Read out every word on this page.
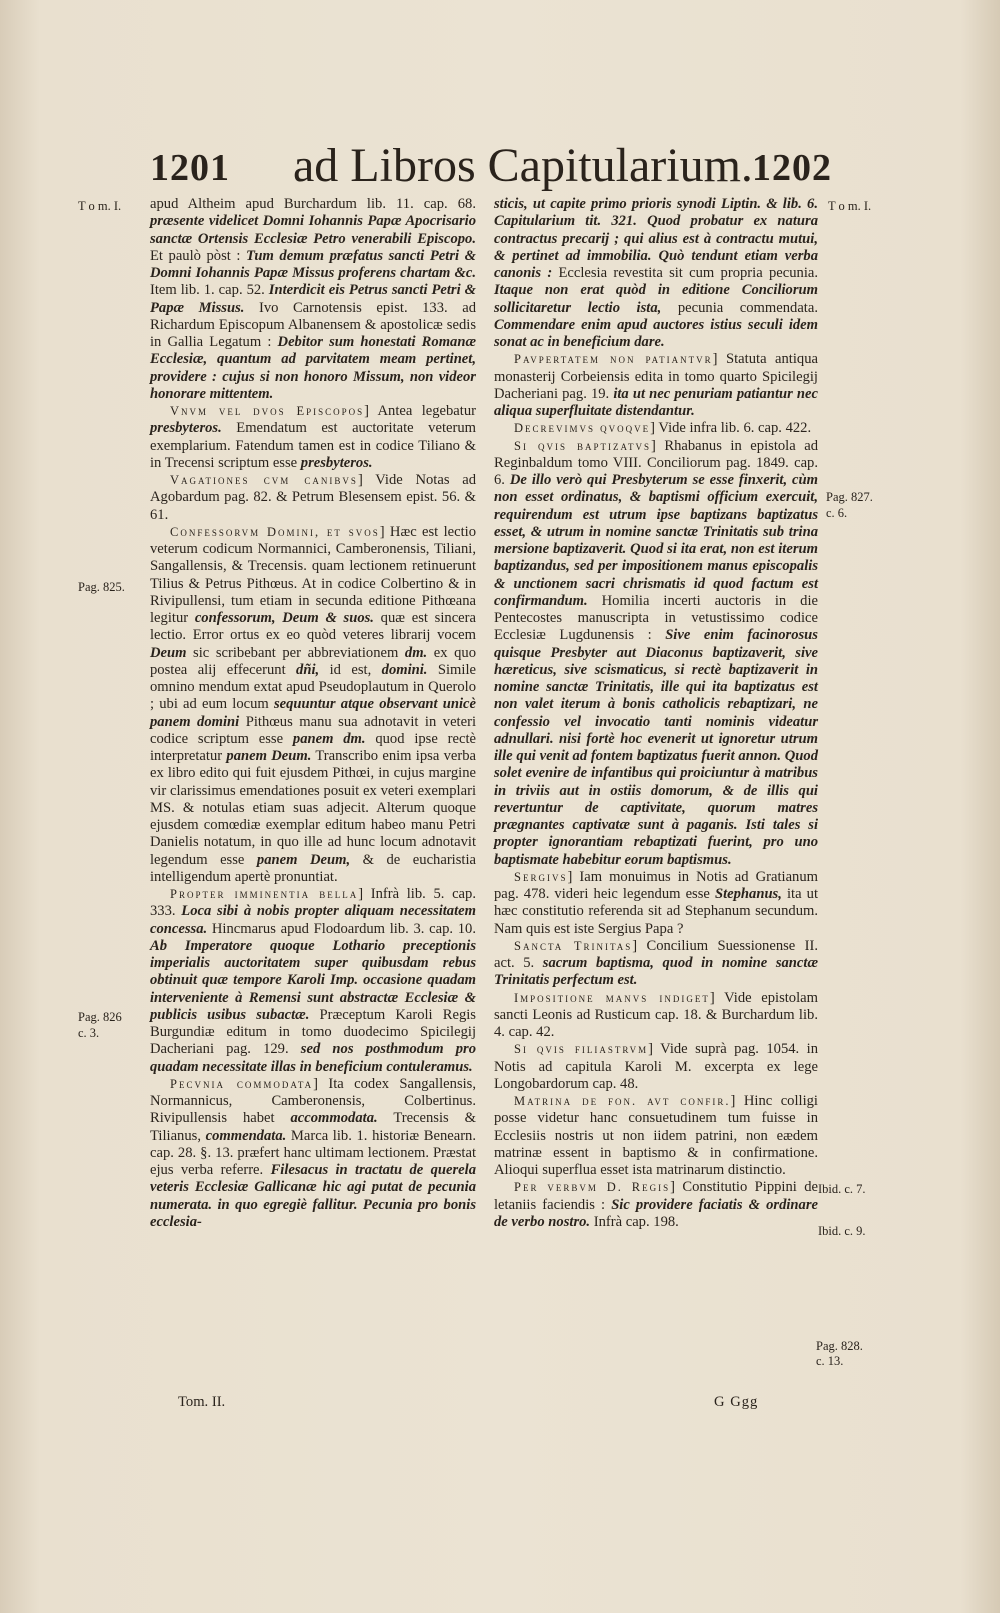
1201 ad Libros Capitularium. 1202
T o m. I.	T o m. I.
Pag. 825.
Pag. 826
c. 3.
Pag. 827.
c. 6.
Ibid. c. 7.
Ibid. c. 9.
Pag. 828.
c. 13.

apud Altheim apud Burchardum lib. 11. cap. 68. præsente videlicet Domni Iohannis Papæ Apocrisario sanctæ Ortensis Ecclesiæ Petro venerabili Episcopo. Et paulò pòst : Tum demum præfatus sancti Petri & Domni Iohannis Papæ Missus proferens chartam &c. Item lib. 1. cap. 52. Interdicit eis Petrus sancti Petri & Papæ Missus. Ivo Carnotensis epist. 133. ad Richardum Episcopum Albanensem & apostolicæ sedis in Gallia Legatum : Debitor sum honestati Romanæ Ecclesiæ, quantum ad parvitatem meam pertinet, providere : cujus si non honoro Missum, non videor honorare mittentem.

Vnvm vel dvos Episcopos] Antea legebatur presbyteros. Emendatum est auctoritate veterum exemplarium. Fatendum tamen est in codice Tiliano & in Trecensi scriptum esse presbyteros.

Vagationes cvm canibvs] Vide Notas ad Agobardum pag. 82. & Petrum Blesensem epist. 56. & 61.

Confessorvm Domini, et svos] Hæc est lectio veterum codicum Normannici, Camberonensis, Tiliani, Sangallensis, & Trecensis. quam lectionem retinuerunt Tilius & Petrus Pithœus. At in codice Colbertino & in Rivipullensi, tum etiam in secunda editione Pithœana legitur confessorum, Deum & suos. quæ est sincera lectio. Error ortus ex eo quòd veteres librarij vocem Deum sic scribebant per abbreviationem dm. ex quo postea alij effecerunt dñi, id est, domini. Simile omnino mendum extat apud Pseudoplautum in Querolo ; ubi ad eum locum sequuntur atque observant unicè panem domini Pithœus manu sua adnotavit in veteri codice scriptum esse panem dm. quod ipse rectè interpretatur panem Deum. Transcribo enim ipsa verba ex libro edito qui fuit ejusdem Pithœi, in cujus margine vir clarissimus emendationes posuit ex veteri exemplari MS. & notulas etiam suas adjecit. Alterum quoque ejusdem comœdiæ exemplar editum habeo manu Petri Danielis notatum, in quo ille ad hunc locum adnotavit legendum esse panem Deum, & de eucharistia intelligendum apertè pronuntiat.

Propter imminentia bella] Infrà lib. 5. cap. 333. Loca sibi à nobis propter aliquam necessitatem concessa. Hincmarus apud Flodoardum lib. 3. cap. 10. Ab Imperatore quoque Lothario preceptionis imperialis auctoritatem super quibusdam rebus obtinuit quæ tempore Karoli Imp. occasione quadam interveniente à Remensi sunt abstractæ Ecclesiæ & publicis usibus subactæ. Præceptum Karoli Regis Burgundiæ editum in tomo duodecimo Spicilegij Dacheriani pag. 129. sed nos posthmodum pro quadam necessitate illas in beneficium contuleramus.

Pecvnia commodata] Ita codex Sangallensis, Normannicus, Camberonensis, Colbertinus. Rivipullensis habet accommodata. Trecensis & Tilianus, commendata. Marca lib. 1. historiæ Benearn. cap. 28. §. 13. præfert hanc ultimam lectionem. Præstat ejus verba referre. Filesacus in tractatu de querela veteris Ecclesiæ Gallicanæ hic agi putat de pecunia numerata. in quo egregiè fallitur. Pecunia pro bonis ecclesia-

sticis, ut capite primo prioris synodi Liptin. & lib. 6. Capitularium tit. 321. Quod probatur ex natura contractus precarij ; qui alius est à contractu mutui, & pertinet ad immobilia. Quò tendunt etiam verba canonis : Ecclesia revestita sit cum propria pecunia. Itaque non erat quòd in editione Conciliorum sollicitaretur lectio ista, pecunia commendata. Commendare enim apud auctores istius seculi idem sonat ac in beneficium dare.

Pavpertatem non patiantvr] Statuta antiqua monasterij Corbeiensis edita in tomo quarto Spicilegij Dacheriani pag. 19. ita ut nec penuriam patiantur nec aliqua superfluitate distendantur.

Decrevimvs qvoqve] Vide infra lib. 6. cap. 422.

Si qvis baptizatvs] Rhabanus in epistola ad Reginbaldum tomo VIII. Conciliorum pag. 1849. cap. 6. De illo verò qui Presbyterum se esse finxerit, cùm non esset ordinatus, & baptismi officium exercuit, requirendum est utrum ipse baptizans baptizatus esset, & utrum in nomine sanctæ Trinitatis sub trina mersione baptizaverit. Quod si ita erat, non est iterum baptizandus, sed per impositionem manus episcopalis & unctionem sacri chrismatis id quod factum est confirmandum. Homilia incerti auctoris in die Pentecostes manuscripta in vetustissimo codice Ecclesiæ Lugdunensis : Sive enim facinorosus quisque Presbyter aut Diaconus baptizaverit, sive hæreticus, sive scismaticus, si rectè baptizaverit in nomine sanctæ Trinitatis, ille qui ita baptizatus est non valet iterum à bonis catholicis rebaptizari, ne confessio vel invocatio tanti nominis videatur adnullari. nisi fortè hoc evenerit ut ignoretur utrum ille qui venit ad fontem baptizatus fuerit annon. Quod solet evenire de infantibus qui proiciuntur à matribus in triviis aut in ostiis domorum, & de illis qui revertuntur de captivitate, quorum matres prægnantes captivatæ sunt à paganis. Isti tales si propter ignorantiam rebaptizati fuerint, pro uno baptismate habebitur eorum baptismus.

Sergivs] Iam monuimus in Notis ad Gratianum pag. 478. videri heic legendum esse Stephanus, ita ut hæc constitutio referenda sit ad Stephanum secundum. Nam quis est iste Sergius Papa ?

Sancta Trinitas] Concilium Suessionense II. act. 5. sacrum baptisma, quod in nomine sanctæ Trinitatis perfectum est.

Impositione manvs indiget] Vide epistolam sancti Leonis ad Rusticum cap. 18. & Burchardum lib. 4. cap. 42.

Si qvis filiastrvm] Vide suprà pag. 1054. in Notis ad capitula Karoli M. excerpta ex lege Longobardorum cap. 48.

Matrina de fon. avt confir.] Hinc colligi posse videtur hanc consuetudinem tum fuisse in Ecclesiis nostris ut non iidem patrini, non eædem matrinæ essent in baptismo & in confirmatione. Alioqui superflua esset ista matrinarum distinctio.

Per verbvm D. Regis] Constitutio Pippini de letaniis faciendis : Sic providere faciatis & ordinare de verbo nostro. Infrà cap. 198.

Tom. II.	G Ggg
